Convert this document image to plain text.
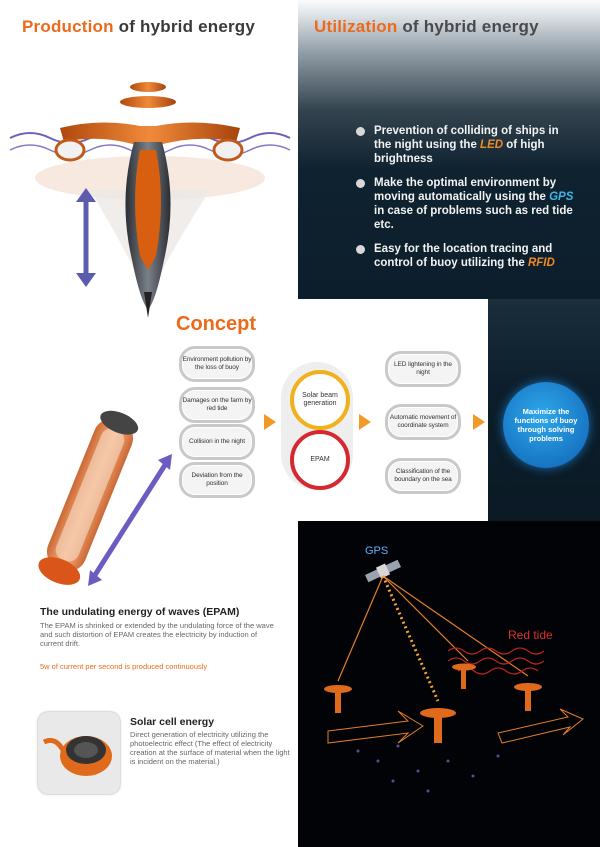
Production of hybrid energy	Utilization of hybrid energy
Prevention of colliding of ships in the night using the LED of high brightness
Make the optimal environment by moving automatically using the GPS in case of problems such as red tide etc.
Easy for the location tracing and control of buoy utilizing the RFID
Concept
Environment pollution by the loss of buoy
Damages on the farm by red tide
Collision in the night
Deviation from the position
Solar beam generation
EPAM
LED lightening in the night
Automatic movement of coordinate system
Classification of the boundary on the sea
Maximize the functions of buoy through solving problems
The undulating energy of waves (EPAM)
The EPAM is shrinked or extended by the undulating force of the wave and such distortion of EPAM creates the electricity by induction of current drift.
5w of current per second is produced continuously
Solar cell energy
Direct generation of electricity utilizing the photoelectric effect (The effect of electricity creation at the surface of material when the light is incident on the material.)
GPS
Red tide
